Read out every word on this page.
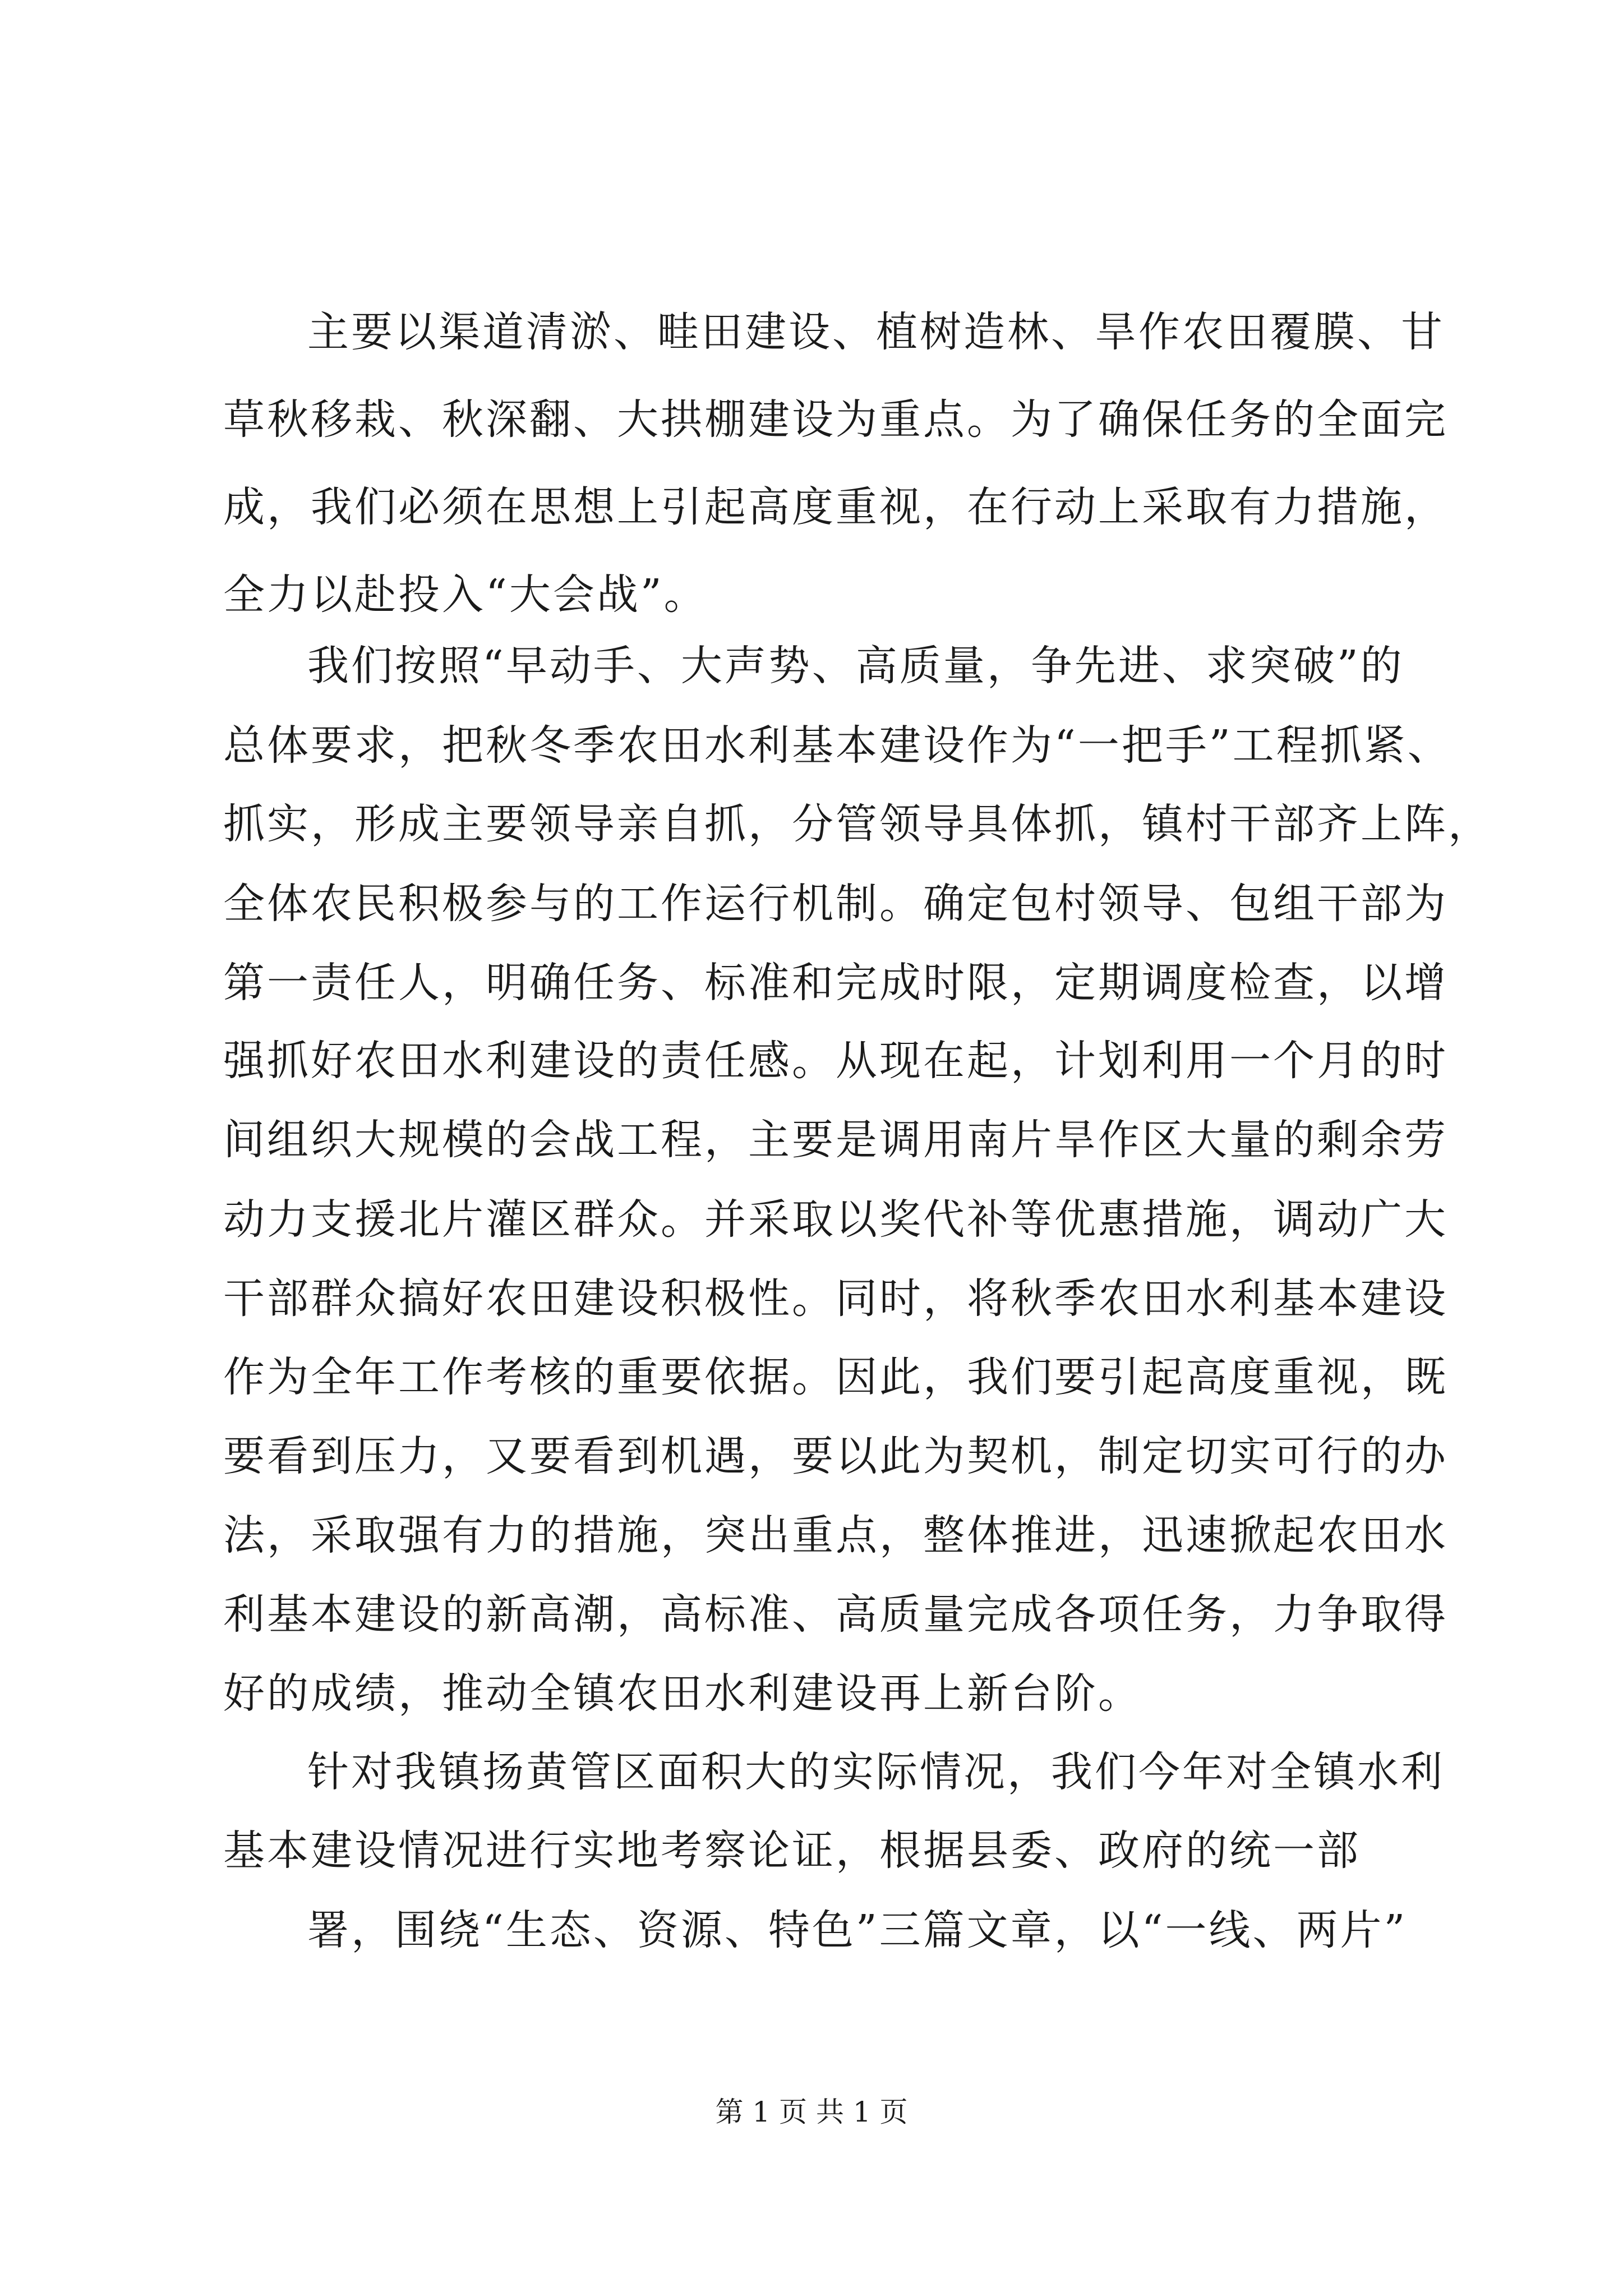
主要以渠道清淤、畦田建设、植树造林、旱作农田覆膜、甘
草秋移栽、秋深翻、大拱棚建设为重点。为了确保任务的全面完
成，我们必须在思想上引起高度重视，在行动上采取有力措施，
全力以赴投入“大会战”。
我们按照“早动手、大声势、高质量，争先进、求突破”的
总体要求，把秋冬季农田水利基本建设作为“一把手”工程抓紧、
抓实，形成主要领导亲自抓，分管领导具体抓，镇村干部齐上阵，
全体农民积极参与的工作运行机制。确定包村领导、包组干部为
第一责任人，明确任务、标准和完成时限，定期调度检查，以增
强抓好农田水利建设的责任感。从现在起，计划利用一个月的时
间组织大规模的会战工程，主要是调用南片旱作区大量的剩余劳
动力支援北片灌区群众。并采取以奖代补等优惠措施，调动广大
干部群众搞好农田建设积极性。同时，将秋季农田水利基本建设
作为全年工作考核的重要依据。因此，我们要引起高度重视，既
要看到压力，又要看到机遇，要以此为契机，制定切实可行的办
法，采取强有力的措施，突出重点，整体推进，迅速掀起农田水
利基本建设的新高潮，高标准、高质量完成各项任务，力争取得
好的成绩，推动全镇农田水利建设再上新台阶。
针对我镇扬黄管区面积大的实际情况，我们今年对全镇水利
基本建设情况进行实地考察论证，根据县委、政府的统一部
署，围绕“生态、资源、特色”三篇文章，以“一线、两片”
第 1 页 共 1 页
